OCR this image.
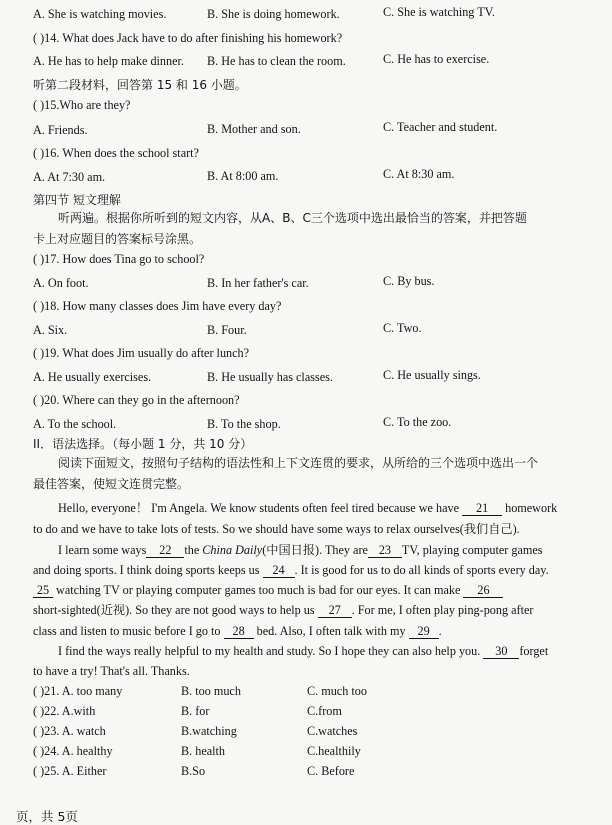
A. She is watching movies.	B. She is doing homework.	C. She is watching TV.
( )14. What does Jack have to do after finishing his homework?
A. He has to help make dinner. B. He has to clean the room.	C. He has to exercise.
听第二段材料，回答第 15 和 16 小题。
( )15.Who are they?
A. Friends.	B. Mother and son.	C. Teacher and student.
( )16. When does the school start?
A. At 7:30 am.	B. At 8:00 am.	C. At 8:30 am.
第四节 短文理解
听两遍。根据你所听到的短文内容，从A、B、C三个选项中选出最恰当的答案，并把答题
卡上对应题目的答案标号涂黑。
( )17. How does Tina go to school?
A. On foot.	B. In her father's car.	C. By bus.
( )18. How many classes does Jim have every day?
A. Six.	B. Four.	C. Two.
( )19. What does Jim usually do after lunch?
A. He usually exercises.	B. He usually has classes.	C. He usually sings.
( )20. Where can they go in the afternoon?
A. To the school.	B. To the shop.	C. To the zoo.
II．语法选择。（每小题 1 分，共 10 分）
阅读下面短文，按照句子结构的语法性和上下文连贯的要求，从所给的三个选项中选出一个
最佳答案，使短文连贯完整。
Hello, everyone！ I'm Angela. We know students often feel tired because we have 21 homework
to do and we have to take lots of tests. So we should have some ways to relax ourselves(我们自己).
I learn some ways 22 the China Daily(中国日报). They are 23 TV, playing computer games
and doing sports. I think doing sports keeps us 24 . It is good for us to do all kinds of sports every day.
25 watching TV or playing computer games too much is bad for our eyes. It can make 26
short-sighted(近视). So they are not good ways to help us 27 . For me, I often play ping-pong after
class and listen to music before I go to 28 bed. Also, I often talk with my 29 .
I find the ways really helpful to my health and study. So I hope they can also help you. 30 forget
to have a try! That's all. Thanks.
( )21. A. too many	B. too much	C. much too
( )22. A.with	B. for	C.from
( )23. A. watch	B.watching	C.watches
( )24. A. healthy	B. health	C.healthily
( )25. A. Either	B.So	C. Before
页，共 5页
